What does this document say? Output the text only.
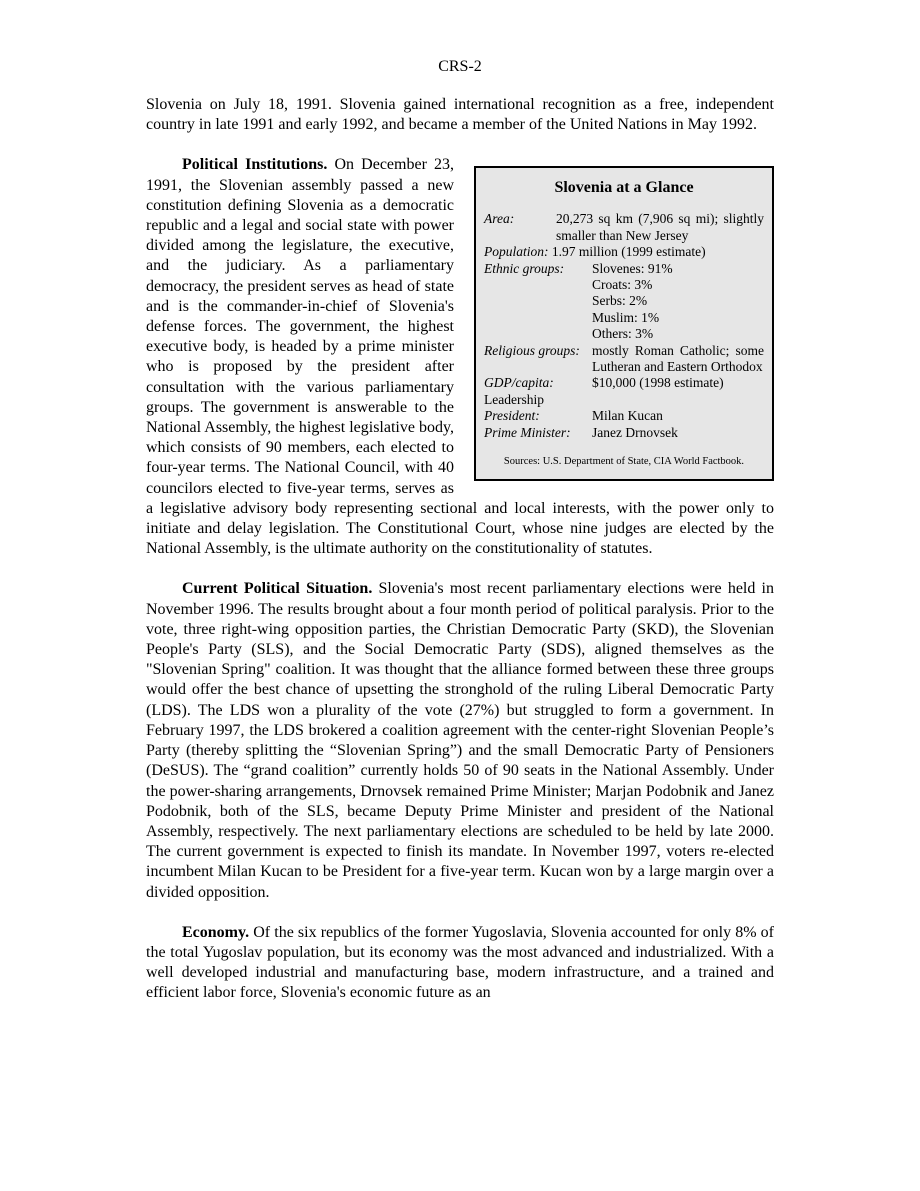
CRS-2

Slovenia on July 18, 1991. Slovenia gained international recognition as a free, independent country in late 1991 and early 1992, and became a member of the United Nations in May 1992.

Slovenia at a Glance
Area:	20,273 sq km (7,906 sq mi); slightly smaller than New Jersey
Population: 1.97 million (1999 estimate)
Ethnic groups:	Slovenes: 91%
Croats: 3%
Serbs: 2%
Muslim: 1%
Others: 3%
Religious groups: mostly Roman Catholic; some Lutheran and Eastern Orthodox
GDP/capita:	$10,000 (1998 estimate)
Leadership
President:	Milan Kucan
Prime Minister:	Janez Drnovsek
Sources: U.S. Department of State, CIA World Factbook.

Political Institutions. On December 23, 1991, the Slovenian assembly passed a new constitution defining Slovenia as a democratic republic and a legal and social state with power divided among the legislature, the executive, and the judiciary. As a parliamentary democracy, the president serves as head of state and is the commander-in-chief of Slovenia's defense forces. The government, the highest executive body, is headed by a prime minister who is proposed by the president after consultation with the various parliamentary groups. The government is answerable to the National Assembly, the highest legislative body, which consists of 90 members, each elected to four-year terms. The National Council, with 40 councilors elected to five-year terms, serves as a legislative advisory body representing sectional and local interests, with the power only to initiate and delay legislation. The Constitutional Court, whose nine judges are elected by the National Assembly, is the ultimate authority on the constitutionality of statutes.

Current Political Situation. Slovenia's most recent parliamentary elections were held in November 1996. The results brought about a four month period of political paralysis. Prior to the vote, three right-wing opposition parties, the Christian Democratic Party (SKD), the Slovenian People's Party (SLS), and the Social Democratic Party (SDS), aligned themselves as the "Slovenian Spring" coalition. It was thought that the alliance formed between these three groups would offer the best chance of upsetting the stronghold of the ruling Liberal Democratic Party (LDS). The LDS won a plurality of the vote (27%) but struggled to form a government. In February 1997, the LDS brokered a coalition agreement with the center-right Slovenian People’s Party (thereby splitting the “Slovenian Spring”) and the small Democratic Party of Pensioners (DeSUS). The “grand coalition” currently holds 50 of 90 seats in the National Assembly. Under the power-sharing arrangements, Drnovsek remained Prime Minister; Marjan Podobnik and Janez Podobnik, both of the SLS, became Deputy Prime Minister and president of the National Assembly, respectively. The next parliamentary elections are scheduled to be held by late 2000. The current government is expected to finish its mandate. In November 1997, voters re-elected incumbent Milan Kucan to be President for a five-year term. Kucan won by a large margin over a divided opposition.

Economy. Of the six republics of the former Yugoslavia, Slovenia accounted for only 8% of the total Yugoslav population, but its economy was the most advanced and industrialized. With a well developed industrial and manufacturing base, modern infrastructure, and a trained and efficient labor force, Slovenia's economic future as an
